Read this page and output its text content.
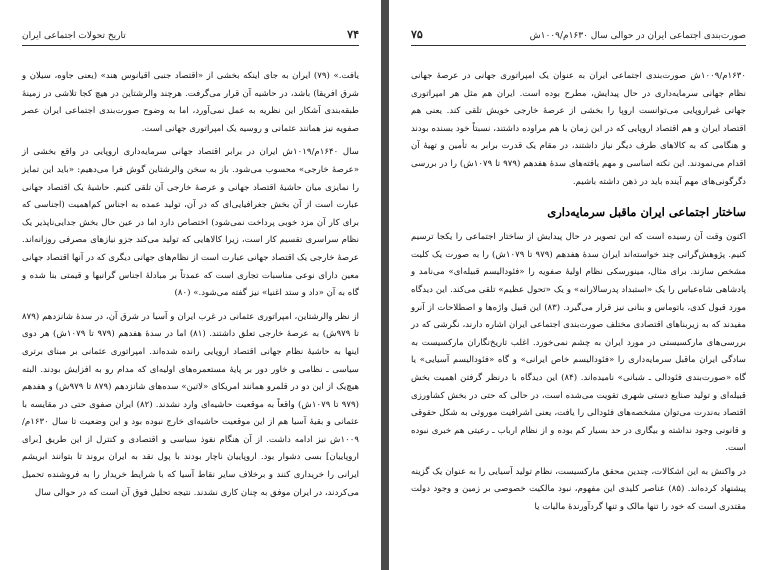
۷۴
تاریخ تحولات اجتماعی ایران

یافت.» (۷۹) ایران به جای اینکه بخشی از «اقتصاد جنبی اقیانوس هند» (یعنی جاوه، سیلان و شرق افریقا) باشد، در حاشیه آن قرار می‌گرفت. هرچند والرشتاین در هیچ کجا تلاشی در زمینهٔ طبقه‌بندی آشکار این نظریه به عمل نمی‌آورد، اما به وضوح صورت‌بندی اجتماعی ایران عصر صفویه نیز همانند عثمانی و روسیه یک امپراتوری جهانی است.

سال ۱۶۴۰م/۱۰۱۹ش ایران در برابر اقتصاد جهانی سرمایه‌داری اروپایی در واقع بخشی از «عرصهٔ خارجی» محسوب می‌شود. باز به سخن والرشتاین گوش فرا می‌دهیم: «باید این تمایز را نمایزی میان حاشیهٔ اقتصاد جهانی و عرصهٔ خارجی آن تلقی کنیم. حاشیهٔ یک اقتصاد جهانی عبارت است از آن بخش جغرافیایی‌ای که در آن، تولید عمده به اجناس کم‌اهمیت (اجناسی که برای کار آن مزد خوبی پرداخت نمی‌شود) اختصاص دارد اما در عین حال بخش جدایی‌ناپذیر یک نظام سراسری تقسیم کار است، زیرا کالاهایی که تولید می‌کند جزو نیازهای مصرفی روزانه‌اند. عرصهٔ خارجی یک اقتصاد جهانی عبارت است از نظام‌های جهانی دیگری که در آنها اقتصاد جهانی معین دارای نوعی مناسبات تجاری است که عمدتاً بر مبادلهٔ اجناس گرانبها و قیمتی بنا شده و گاه به آن «داد و ستد اغنیا» نیز گفته می‌شود.» (۸۰)

از نظر والرشتاین، امپراتوری عثمانی در غرب ایران و آسیا در شرق آن، در سدهٔ شانزدهم (۸۷۹ تا ۹۷۹ش) به عرصهٔ خارجی تعلق داشتند. (۸۱) اما در سدهٔ هفدهم (۹۷۹ تا ۱۰۷۹ش) هر دوی اینها به حاشیهٔ نظام جهانی اقتصاد اروپایی رانده شده‌اند. امپراتوری عثمانی بر مبنای برتری سیاسی ـ نظامی و خاور دور بر پایهٔ مستعمره‌های اولیه‌ای که مدام رو به افزایش بودند. البته هیچ‌یک از این دو در قلمرو همانند امریکای «لاتین» سده‌های شانزدهم (۸۷۹ تا ۹۷۹ش) و هفدهم (۹۷۹ تا ۱۰۷۹ش) واقعاً به موقعیت حاشیه‌ای وارد نشدند. (۸۲) ایران صفوی حتی در مقایسه با عثمانی و بقیهٔ آسیا هم از این موقعیت حاشیه‌ای خارج نبوده بود و این وضعیت تا سال ۱۶۳۰م/۱۰۰۹ش نیز ادامه داشت. از آن هنگام نفوذ سیاسی و اقتصادی و کنترل از این طریق [برای اروپاییان] بسی دشوار بود. اروپاییان ناچار بودند با پول نقد به ایران بروند تا بتوانند ابریشم ایرانی را خریداری کنند و برخلاف سایر نقاط آسیا که با شرایط خریدار را به فروشنده تحمیل می‌کردند، در ایران موفق به چنان کاری نشدند. نتیجه تحلیل فوق آن است که در حوالی سال

صورت‌بندی اجتماعی ایران در حوالی سال ۱۶۳۰م/۱۰۰۹ش
۷۵

۱۶۳۰م/۱۰۰۹ش صورت‌بندی اجتماعی ایران به عنوان یک امپراتوری جهانی در عرصهٔ جهانی نظام جهانی سرمایه‌داری در حال پیدایش، مطرح بوده است. ایران هم مثل هر امپراتوری جهانی غیراروپایی می‌توانست اروپا را بخشی از عرصهٔ خارجی خویش تلقی کند. یعنی هم اقتصاد ایران و هم اقتصاد اروپایی که در این زمان با هم مراوده داشتند، نسبتاً خود بسنده بودند و هنگامی که به کالاهای طرف دیگر نیاز داشتند، در مقام یک قدرت برابر به تأمین و تهیهٔ آن اقدام می‌نمودند. این نکته اساسی و مهم یافته‌های سدهٔ هفدهم (۹۷۹ تا ۱۰۷۹ش) را در بررسی دگرگونی‌های مهم آینده باید در ذهن داشته باشیم.

ساختار اجتماعی ایران ماقبل سرمایه‌داری

اکنون وقت آن رسیده است که این تصویر در حال پیدایش از ساختار اجتماعی را یکجا ترسیم کنیم. پژوهش‌گرانی چند خواسته‌اند ایران سدهٔ هفدهم (۹۷۹ تا ۱۰۷۹ش) را به صورت یک کلیت مشخص سازند. برای مثال، مینورسکی نظام اولیهٔ صفویه را «فئودالیسم قبیله‌ای» می‌نامد و پادشاهی شاه‌عباس را یک «استبداد پدرسالارانه» و یک «تحول عظیم» تلقی می‌کند. این دیدگاه مورد قبول کدی، باتوماس و بنانی نیز قرار می‌گیرد. (۸۳) این قبیل واژه‌ها و اصطلاحات از آنرو مفیدند که به زیربناهای اقتصادی مختلف صورت‌بندی اجتماعی ایران اشاره دارند، نگرشی که در بررسی‌های مارکسیستی در مورد ایران به چشم نمی‌خورد. اغلب تاریخ‌نگاران مارکسیست به سادگی ایران ماقبل سرمایه‌داری را «فئودالیسم خاص ایرانی» و گاه «فئودالیسم آسیایی» یا گاه «صورت‌بندی فئودالی ـ شبانی» نامیده‌اند. (۸۴) این دیدگاه با درنظر گرفتن اهمیت بخش قبیله‌ای و تولید صنایع دستی شهری تقویت می‌شده است، در حالی که حتی در بخش کشاورزی اقتصاد به‌ندرت می‌توان مشخصه‌های فئودالی را یافت، یعنی اشرافیت موروثی به شکل حقوقی و قانونی وجود نداشته و بیگاری در حد بسیار کم بوده و از نظام ارباب ـ رعیتی هم خبری نبوده است.

در واکنش به این اشکالات، چندین محقق مارکسیست، نظام تولید آسیایی را به عنوان یک گزینه پیشنهاد کرده‌اند. (۸۵) عناصر کلیدی این مفهوم، نبود مالکیت خصوصی بر زمین و وجود دولت مقتدری است که خود را تنها مالک و تنها گردآورندهٔ مالیات یا
